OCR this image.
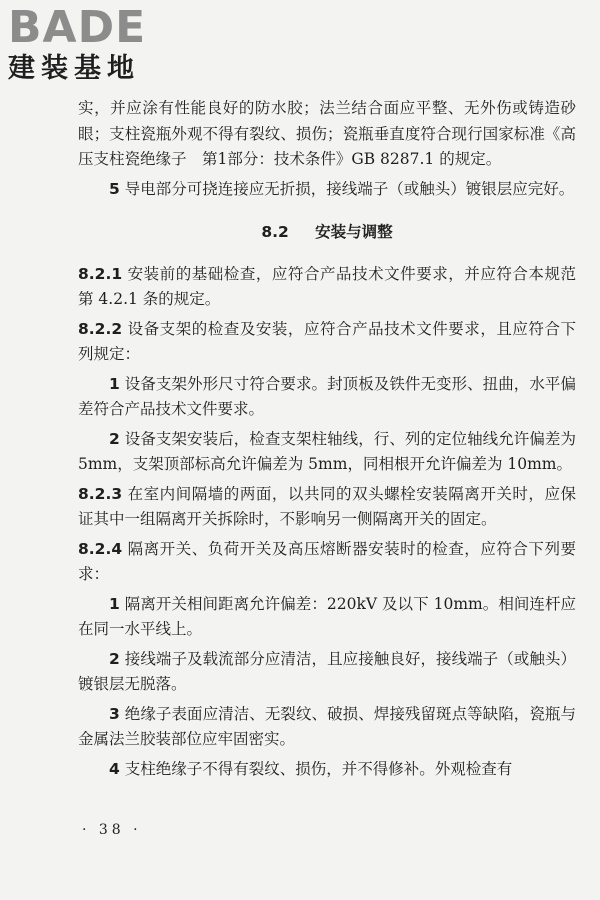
BADE
建装基地

实，并应涂有性能良好的防水胶；法兰结合面应平整、无外伤或铸造砂眼；支柱瓷瓶外观不得有裂纹、损伤；瓷瓶垂直度符合现行国家标准《高压支柱瓷绝缘子　第1部分：技术条件》GB 8287.1 的规定。

5 导电部分可挠连接应无折损，接线端子（或触头）镀银层应完好。

8.2 　 安装与调整

8.2.1 安装前的基础检查，应符合产品技术文件要求，并应符合本规范第 4.2.1 条的规定。

8.2.2 设备支架的检查及安装，应符合产品技术文件要求，且应符合下列规定：

1 设备支架外形尺寸符合要求。封顶板及铁件无变形、扭曲，水平偏差符合产品技术文件要求。

2 设备支架安装后，检查支架柱轴线，行、列的定位轴线允许偏差为 5mm，支架顶部标高允许偏差为 5mm，同相根开允许偏差为 10mm。

8.2.3 在室内间隔墙的两面，以共同的双头螺栓安装隔离开关时，应保证其中一组隔离开关拆除时，不影响另一侧隔离开关的固定。

8.2.4 隔离开关、负荷开关及高压熔断器安装时的检查，应符合下列要求：

1 隔离开关相间距离允许偏差：220kV 及以下 10mm。相间连杆应在同一水平线上。

2 接线端子及载流部分应清洁，且应接触良好，接线端子（或触头）镀银层无脱落。

3 绝缘子表面应清洁、无裂纹、破损、焊接残留斑点等缺陷，瓷瓶与金属法兰胶装部位应牢固密实。

4 支柱绝缘子不得有裂纹、损伤，并不得修补。外观检查有

· 38 ·
